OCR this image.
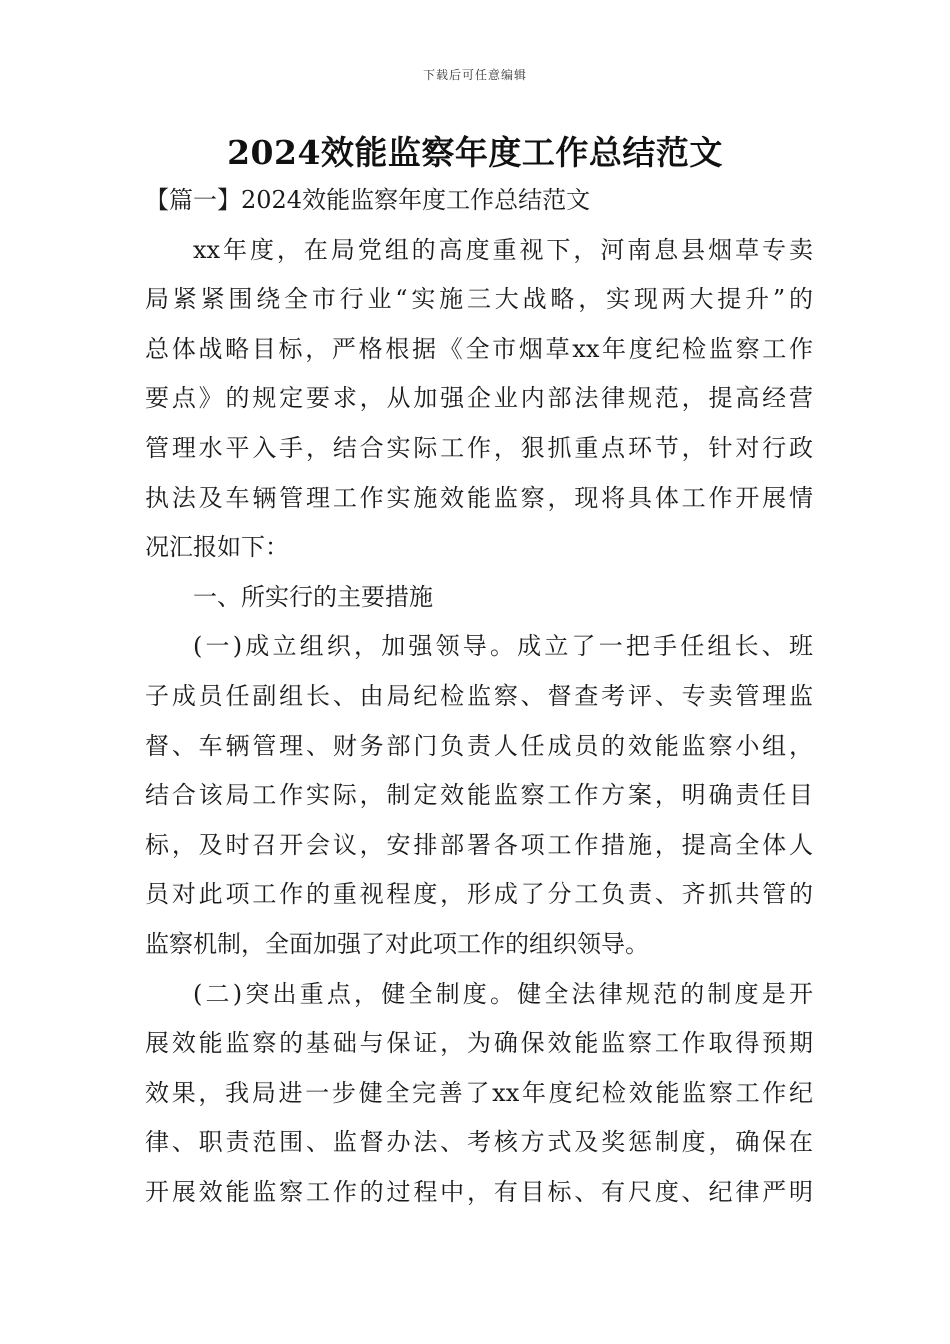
下载后可任意编辑
2024效能监察年度工作总结范文
【篇一】2024效能监察年度工作总结范文
xx年度，在局党组的高度重视下，河南息县烟草专卖
局紧紧围绕全市行业“实施三大战略，实现两大提升”的
总体战略目标，严格根据《全市烟草xx年度纪检监察工作
要点》的规定要求，从加强企业内部法律规范，提高经营
管理水平入手，结合实际工作，狠抓重点环节，针对行政
执法及车辆管理工作实施效能监察，现将具体工作开展情
况汇报如下：
一、所实行的主要措施
(一)成立组织，加强领导。成立了一把手任组长、班
子成员任副组长、由局纪检监察、督查考评、专卖管理监
督、车辆管理、财务部门负责人任成员的效能监察小组，
结合该局工作实际，制定效能监察工作方案，明确责任目
标，及时召开会议，安排部署各项工作措施，提高全体人
员对此项工作的重视程度，形成了分工负责、齐抓共管的
监察机制，全面加强了对此项工作的组织领导。
(二)突出重点，健全制度。健全法律规范的制度是开
展效能监察的基础与保证，为确保效能监察工作取得预期
效果，我局进一步健全完善了xx年度纪检效能监察工作纪
律、职责范围、监督办法、考核方式及奖惩制度，确保在
开展效能监察工作的过程中，有目标、有尺度、纪律严明
